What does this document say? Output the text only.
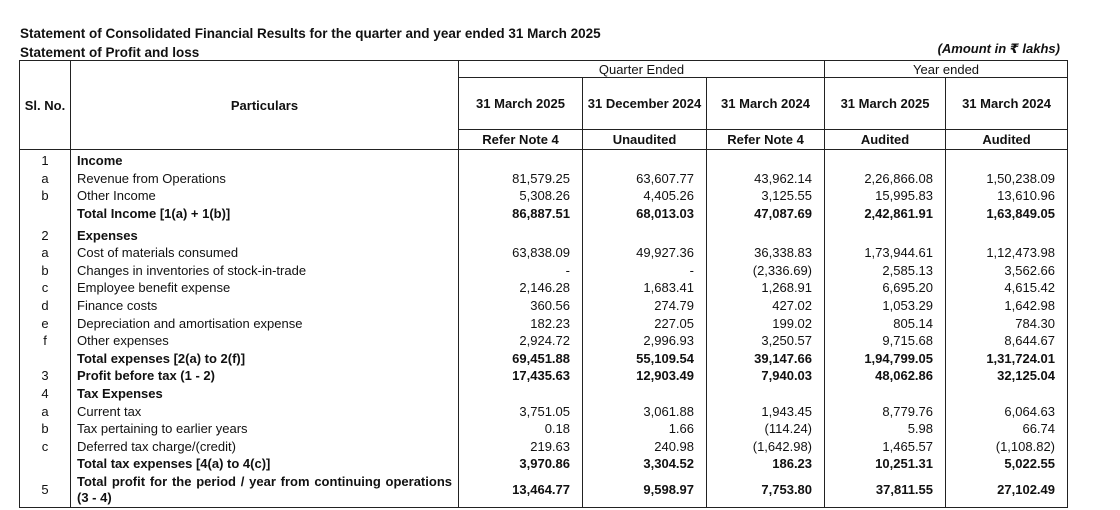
Statement of Consolidated Financial Results for the quarter and year ended 31 March 2025
Statement of Profit and loss	(Amount in ₹ lakhs)
Sl. No.	Particulars	Quarter Ended			Year ended	
		31 March 2025	31 December 2024	31 March 2024	31 March 2025	31 March 2024
		Refer Note 4	Unaudited	Refer Note 4	Audited	Audited
1	Income					
a	Revenue from Operations	81,579.25	63,607.77	43,962.14	2,26,866.08	1,50,238.09
b	Other Income	5,308.26	4,405.26	3,125.55	15,995.83	13,610.96
	Total Income [1(a) + 1(b)]	86,887.51	68,013.03	47,087.69	2,42,861.91	1,63,849.05
2	Expenses					
a	Cost of materials consumed	63,838.09	49,927.36	36,338.83	1,73,944.61	1,12,473.98
b	Changes in inventories of stock-in-trade	-	-	(2,336.69)	2,585.13	3,562.66
c	Employee benefit expense	2,146.28	1,683.41	1,268.91	6,695.20	4,615.42
d	Finance costs	360.56	274.79	427.02	1,053.29	1,642.98
e	Depreciation and amortisation expense	182.23	227.05	199.02	805.14	784.30
f	Other expenses	2,924.72	2,996.93	3,250.57	9,715.68	8,644.67
	Total expenses [2(a) to 2(f)]	69,451.88	55,109.54	39,147.66	1,94,799.05	1,31,724.01
3	Profit before tax (1 - 2)	17,435.63	12,903.49	7,940.03	48,062.86	32,125.04
4	Tax Expenses					
a	Current tax	3,751.05	3,061.88	1,943.45	8,779.76	6,064.63
b	Tax pertaining to earlier years	0.18	1.66	(114.24)	5.98	66.74
c	Deferred tax charge/(credit)	219.63	240.98	(1,642.98)	1,465.57	(1,108.82)
	Total tax expenses [4(a) to 4(c)]	3,970.86	3,304.52	186.23	10,251.31	5,022.55
5	Total profit for the period / year from continuing operations (3 - 4)	13,464.77	9,598.97	7,753.80	37,811.55	27,102.49
